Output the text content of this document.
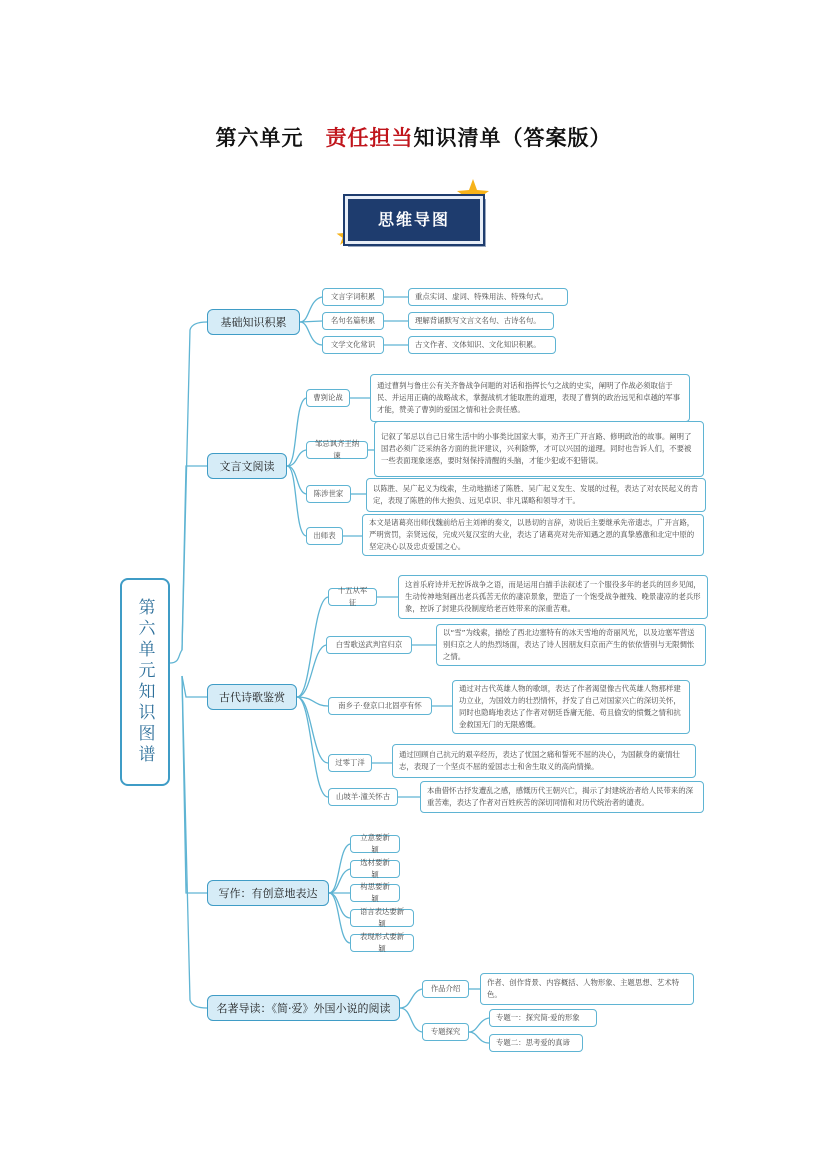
第六单元 责任担当知识清单（答案版）
思维导图
第六单元知识图谱
基础知识积累
文言字词积累	重点实词、虚词、特殊用法、特殊句式。
名句名篇积累	理解背诵默写文言文名句、古诗名句。
文学文化常识	古文作者、文体知识、文化知识积累。
文言文阅读
曹刿论战
通过曹刿与鲁庄公有关齐鲁战争问题的对话和指挥长勺之战的史实，阐明了作战必须取信于民、并运用正确的战略战术，掌握战机才能取胜的道理，表现了曹刿的政治远见和卓越的军事才能，赞美了曹刿的爱国之情和社会责任感。
邹忌讽齐王纳谏
记叙了邹忌以自己日常生活中的小事类比国家大事，劝齐王广开言路、修明政治的故事。阐明了国君必须广泛采纳各方面的批评建议，兴利除弊，才可以兴国的道理。同时也告诉人们，不要被一些表面现象迷惑，要时刻保持清醒的头脑，才能少犯或不犯错误。
陈涉世家
以陈胜、吴广起义为线索，生动地描述了陈胜、吴广起义发生、发展的过程，表达了对农民起义的肯定，表现了陈胜的伟大抱负、远见卓识、非凡谋略和领导才干。
出师表
本文是诸葛亮出师伐魏前给后主刘禅的奏文，以恳切的言辞，劝说后主要继承先帝遗志，广开言路，严明赏罚，亲贤远佞，完成兴复汉室的大业，表达了诸葛亮对先帝知遇之恩的真挚感激和北定中原的坚定决心以及忠贞爱国之心。
古代诗歌鉴赏
十五从军征
这首乐府诗并无控诉战争之语，而是运用白描手法叙述了一个服役多年的老兵的回乡见闻，生动传神地刻画出老兵孤苦无依的凄凉景象，塑造了一个饱受战争摧残、晚景凄凉的老兵形象，控诉了封建兵役制度给老百姓带来的深重苦难。
白雪歌送武判官归京
以“雪”为线索，描绘了西北边塞特有的冰天雪地的奇丽风光，以及边塞军营送别归京之人的热烈场面，表达了诗人因朋友归京而产生的依依惜别与无限惆怅之情。
南乡子·登京口北固亭有怀
通过对古代英雄人物的歌颂，表达了作者渴望像古代英雄人物那样建功立业，为国效力的壮烈情怀，抒发了自己对国家兴亡的深切关怀，同时也隐晦地表达了作者对朝廷昏庸无能、苟且偷安的愤慨之情和抗金救国无门的无限感慨。
过零丁洋
通过回顾自己抗元的艰辛经历，表达了忧国之痛和誓死不屈的决心，为国献身的豪情壮志，表现了一个坚贞不屈的爱国志士和舍生取义的高尚情操。
山坡羊·潼关怀古
本曲借怀古抒发遭乱之感，感慨历代王朝兴亡，揭示了封建统治者给人民带来的深重苦难，表达了作者对百姓疾苦的深切同情和对历代统治者的谴责。
写作：有创意地表达
立意要新颖
选材要新颖
构思要新颖
语言表达要新颖
表现形式要新颖
名著导读：《简·爱》外国小说的阅读
作品介绍
作者、创作背景、内容概括、人物形象、主题思想、艺术特色。
专题探究
专题一：探究简·爱的形象
专题二：思考爱的真谛
